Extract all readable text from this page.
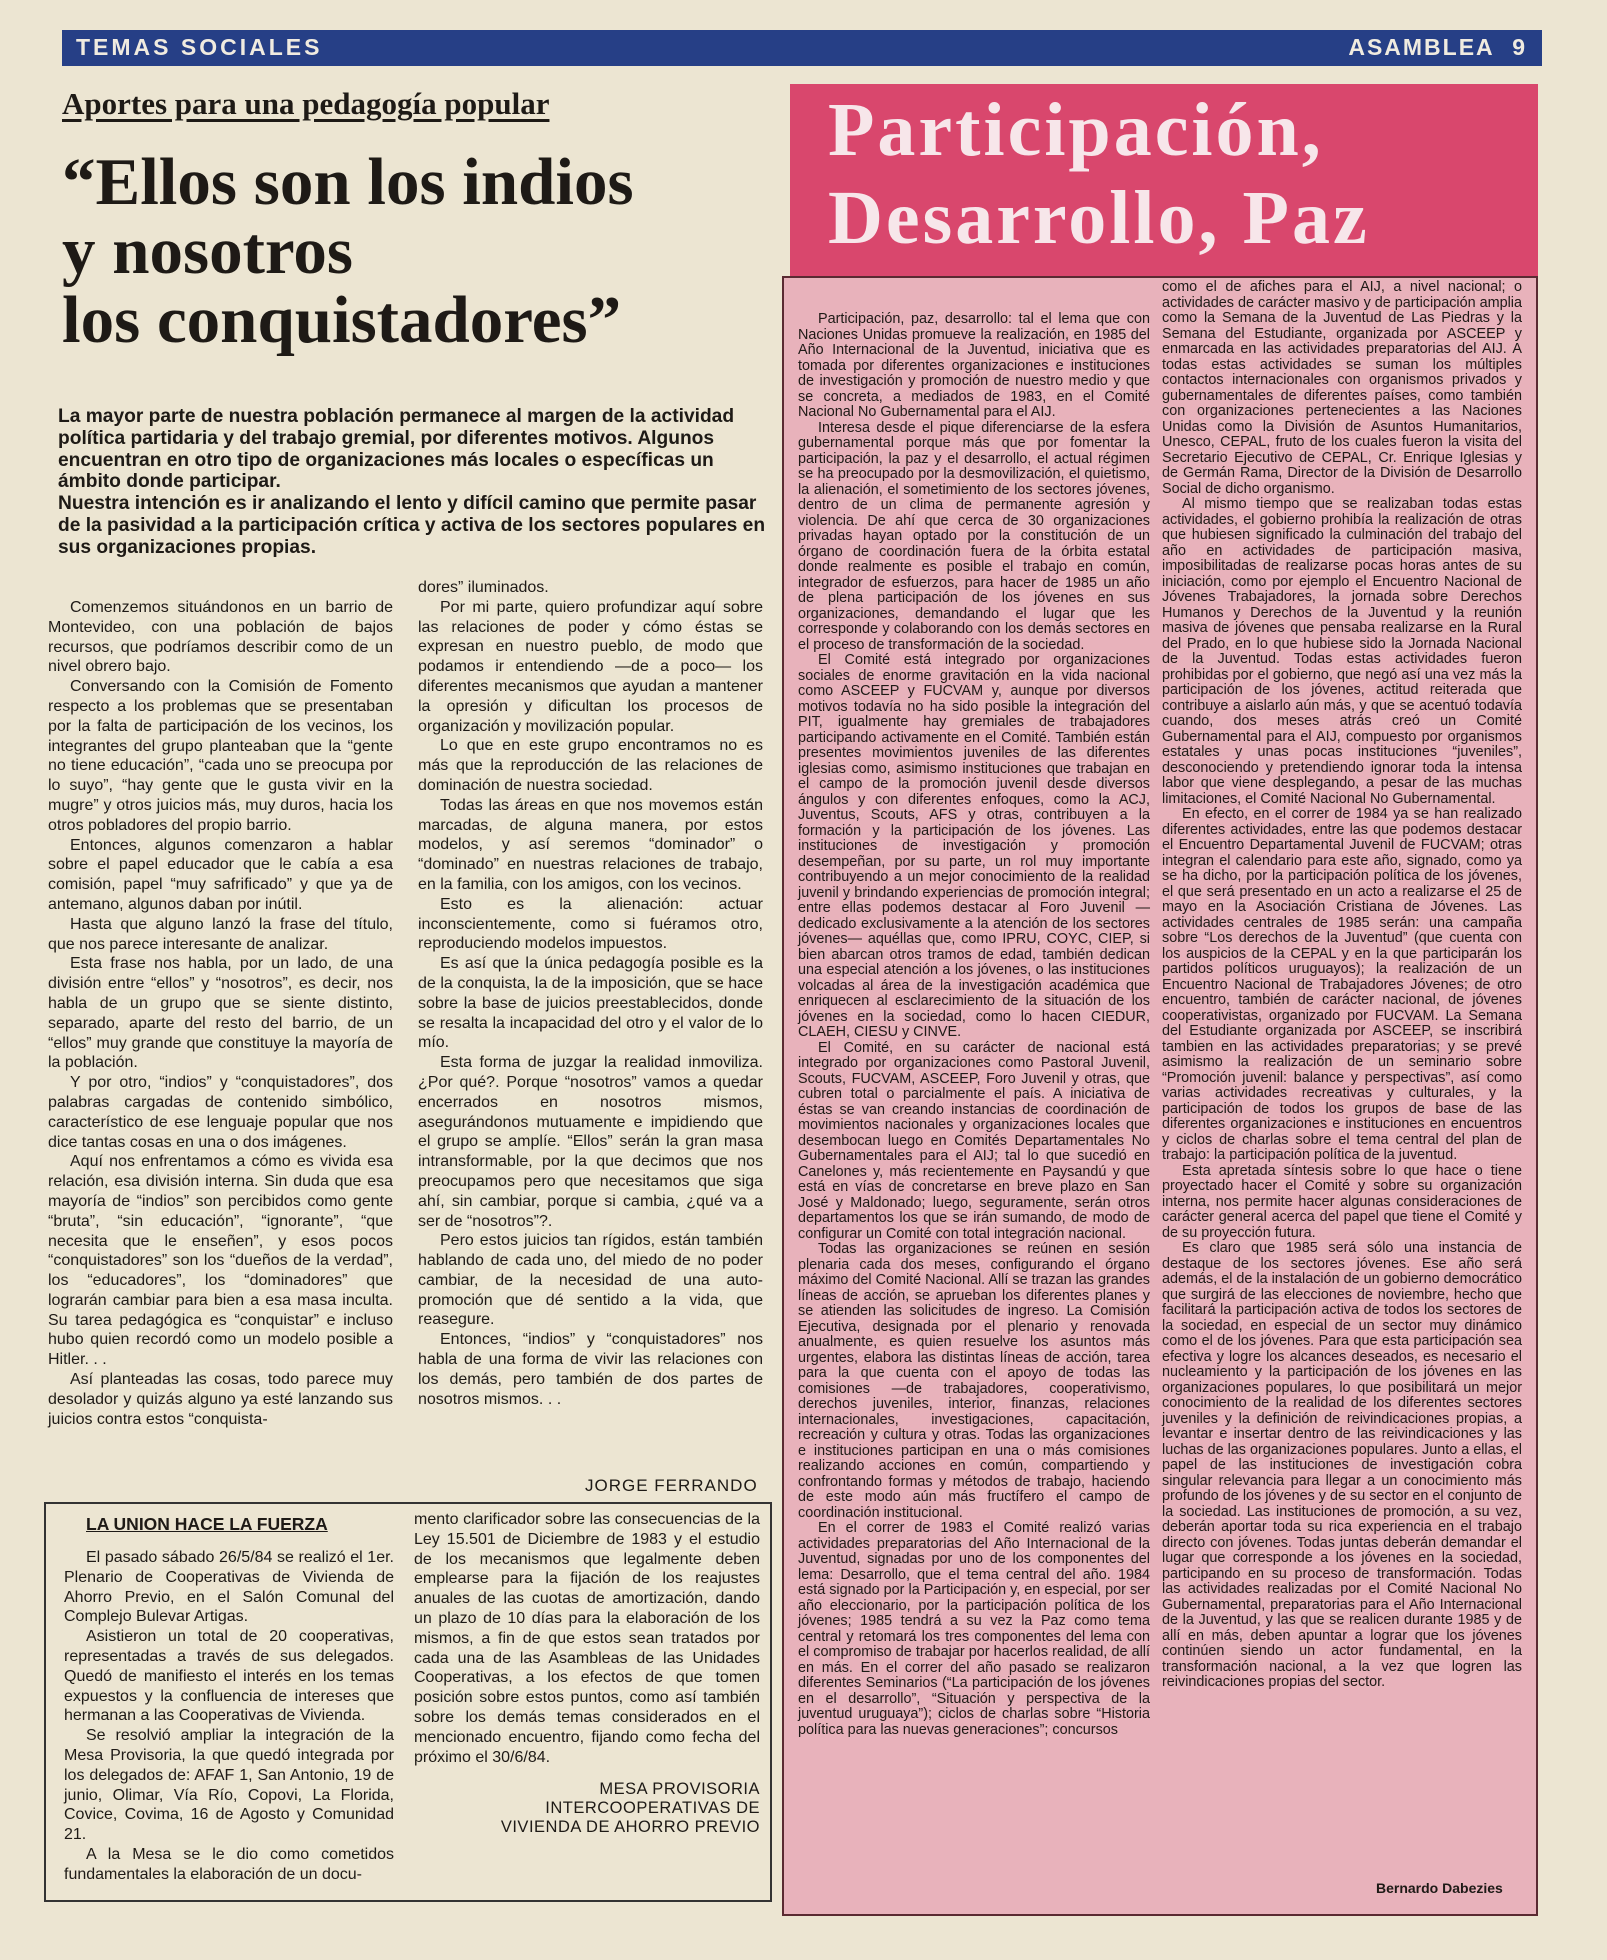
TEMAS SOCIALES	ASAMBLEA 9
Aportes para una pedagogía popular
“Ellos son los indios
y nosotros
los conquistadores”

La mayor parte de nuestra población permanece al margen de la actividad política partidaria y del trabajo gremial, por diferentes motivos. Algunos encuentran en otro tipo de organizaciones más locales o específicas un ámbito donde participar.

Nuestra intención es ir analizando el lento y difícil camino que permite pasar de la pasividad a la participación crítica y activa de los sectores populares en sus organizaciones propias.

Comenzemos situándonos en un barrio de Montevideo, con una población de bajos recursos, que podríamos describir como de un nivel obrero bajo.

Conversando con la Comisión de Fomento respecto a los problemas que se presentaban por la falta de participación de los vecinos, los integrantes del grupo planteaban que la “gente no tiene educación”, “cada uno se preocupa por lo suyo”, “hay gente que le gusta vivir en la mugre” y otros juicios más, muy duros, hacia los otros pobladores del propio barrio.

Entonces, algunos comenzaron a hablar sobre el papel educador que le cabía a esa comisión, papel “muy safrificado” y que ya de antemano, algunos daban por inútil.

Hasta que alguno lanzó la frase del título, que nos parece interesante de analizar.

Esta frase nos habla, por un lado, de una división entre “ellos” y “nosotros”, es decir, nos habla de un grupo que se siente distinto, separado, aparte del resto del barrio, de un “ellos” muy grande que constituye la mayoría de la población.

Y por otro, “indios” y “conquistadores”, dos palabras cargadas de contenido simbólico, característico de ese lenguaje popular que nos dice tantas cosas en una o dos imágenes.

Aquí nos enfrentamos a cómo es vivida esa relación, esa división interna. Sin duda que esa mayoría de “indios” son percibidos como gente “bruta”, “sin educación”, “ignorante”, “que necesita que le enseñen”, y esos pocos “conquistadores” son los “dueños de la verdad”, los “educadores”, los “dominadores” que lograrán cambiar para bien a esa masa inculta. Su tarea pedagógica es “conquistar” e incluso hubo quien recordó como un modelo posible a Hitler. . .

Así planteadas las cosas, todo parece muy desolador y quizás alguno ya esté lanzando sus juicios contra estos “conquista-

dores” iluminados.

Por mi parte, quiero profundizar aquí sobre las relaciones de poder y cómo éstas se expresan en nuestro pueblo, de modo que podamos ir entendiendo —de a poco— los diferentes mecanismos que ayudan a mantener la opresión y dificultan los procesos de organización y movilización popular.

Lo que en este grupo encontramos no es más que la reproducción de las relaciones de dominación de nuestra sociedad.

Todas las áreas en que nos movemos están marcadas, de alguna manera, por estos modelos, y así seremos “dominador” o “dominado” en nuestras relaciones de trabajo, en la familia, con los amigos, con los vecinos.

Esto es la alienación: actuar inconscientemente, como si fuéramos otro, reproduciendo modelos impuestos.

Es así que la única pedagogía posible es la de la conquista, la de la imposición, que se hace sobre la base de juicios preestablecidos, donde se resalta la incapacidad del otro y el valor de lo mío.

Esta forma de juzgar la realidad inmoviliza. ¿Por qué?. Porque “nosotros” vamos a quedar encerrados en nosotros mismos, asegurándonos mutuamente e impidiendo que el grupo se amplíe. “Ellos” serán la gran masa intransformable, por la que decimos que nos preocupamos pero que necesitamos que siga ahí, sin cambiar, porque si cambia, ¿qué va a ser de “nosotros”?.

Pero estos juicios tan rígidos, están también hablando de cada uno, del miedo de no poder cambiar, de la necesidad de una auto-promoción que dé sentido a la vida, que reasegure.

Entonces, “indios” y “conquistadores” nos habla de una forma de vivir las relaciones con los demás, pero también de dos partes de nosotros mismos. . .

JORGE FERRANDO
LA UNION HACE LA FUERZA

El pasado sábado 26/5/84 se realizó el 1er. Plenario de Cooperativas de Vivienda de Ahorro Previo, en el Salón Comunal del Complejo Bulevar Artigas.

Asistieron un total de 20 cooperativas, representadas a través de sus delegados. Quedó de manifiesto el interés en los temas expuestos y la confluencia de intereses que hermanan a las Cooperativas de Vivienda.

Se resolvió ampliar la integración de la Mesa Provisoria, la que quedó integrada por los delegados de: AFAF 1, San Antonio, 19 de junio, Olimar, Vía Río, Copovi, La Florida, Covice, Covima, 16 de Agosto y Comunidad 21.

A la Mesa se le dio como cometidos fundamentales la elaboración de un docu-

mento clarificador sobre las consecuencias de la Ley 15.501 de Diciembre de 1983 y el estudio de los mecanismos que legalmente deben emplearse para la fijación de los reajustes anuales de las cuotas de amortización, dando un plazo de 10 días para la elaboración de los mismos, a fin de que estos sean tratados por cada una de las Asambleas de las Unidades Cooperativas, a los efectos de que tomen posición sobre estos puntos, como así también sobre los demás temas considerados en el mencionado encuentro, fijando como fecha del próximo el 30/6/84.

MESA PROVISORIA
INTERCOOPERATIVAS DE
VIVIENDA DE AHORRO PREVIO
Participación,
Desarrollo, Paz

Participación, paz, desarrollo: tal el lema que con Naciones Unidas promueve la realización, en 1985 del Año Internacional de la Juventud, iniciativa que es tomada por diferentes organizaciones e instituciones de investigación y promoción de nuestro medio y que se concreta, a mediados de 1983, en el Comité Nacional No Gubernamental para el AIJ.

Interesa desde el pique diferenciarse de la esfera gubernamental porque más que por fomentar la participación, la paz y el desarrollo, el actual régimen se ha preocupado por la desmovilización, el quietismo, la alienación, el sometimiento de los sectores jóvenes, dentro de un clima de permanente agresión y violencia. De ahí que cerca de 30 organizaciones privadas hayan optado por la constitución de un órgano de coordinación fuera de la órbita estatal donde realmente es posible el trabajo en común, integrador de esfuerzos, para hacer de 1985 un año de plena participación de los jóvenes en sus organizaciones, demandando el lugar que les corresponde y colaborando con los demás sectores en el proceso de transformación de la sociedad.

El Comité está integrado por organizaciones sociales de enorme gravitación en la vida nacional como ASCEEP y FUCVAM y, aunque por diversos motivos todavía no ha sido posible la integración del PIT, igualmente hay gremiales de trabajadores participando activamente en el Comité. También están presentes movimientos juveniles de las diferentes iglesias como, asimismo instituciones que trabajan en el campo de la promoción juvenil desde diversos ángulos y con diferentes enfoques, como la ACJ, Juventus, Scouts, AFS y otras, contribuyen a la formación y la participación de los jóvenes. Las instituciones de investigación y promoción desempeñan, por su parte, un rol muy importante contribuyendo a un mejor conocimiento de la realidad juvenil y brindando experiencias de promoción integral; entre ellas podemos destacar al Foro Juvenil —dedicado exclusivamente a la atención de los sectores jóvenes— aquéllas que, como IPRU, COYC, CIEP, si bien abarcan otros tramos de edad, también dedican una especial atención a los jóvenes, o las instituciones volcadas al área de la investigación académica que enriquecen al esclarecimiento de la situación de los jóvenes en la sociedad, como lo hacen CIEDUR, CLAEH, CIESU y CINVE.

El Comité, en su carácter de nacional está integrado por organizaciones como Pastoral Juvenil, Scouts, FUCVAM, ASCEEP, Foro Juvenil y otras, que cubren total o parcialmente el país. A iniciativa de éstas se van creando instancias de coordinación de movimientos nacionales y organizaciones locales que desembocan luego en Comités Departamentales No Gubernamentales para el AIJ; tal lo que sucedió en Canelones y, más recientemente en Paysandú y que está en vías de concretarse en breve plazo en San José y Maldonado; luego, seguramente, serán otros departamentos los que se irán sumando, de modo de configurar un Comité con total integración nacional.

Todas las organizaciones se reúnen en sesión plenaria cada dos meses, configurando el órgano máximo del Comité Nacional. Allí se trazan las grandes líneas de acción, se aprueban los diferentes planes y se atienden las solicitudes de ingreso. La Comisión Ejecutiva, designada por el plenario y renovada anualmente, es quien resuelve los asuntos más urgentes, elabora las distintas líneas de acción, tarea para la que cuenta con el apoyo de todas las comisiones —de trabajadores, cooperativismo, derechos juveniles, interior, finanzas, relaciones internacionales, investigaciones, capacitación, recreación y cultura y otras. Todas las organizaciones e instituciones participan en una o más comisiones realizando acciones en común, compartiendo y confrontando formas y métodos de trabajo, haciendo de este modo aún más fructífero el campo de coordinación institucional.

En el correr de 1983 el Comité realizó varias actividades preparatorias del Año Internacional de la Juventud, signadas por uno de los componentes del lema: Desarrollo, que el tema central del año. 1984 está signado por la Participación y, en especial, por ser año eleccionario, por la participación política de los jóvenes; 1985 tendrá a su vez la Paz como tema central y retomará los tres componentes del lema con el compromiso de trabajar por hacerlos realidad, de allí en más. En el correr del año pasado se realizaron diferentes Seminarios (“La participación de los jóvenes en el desarrollo”, “Situación y perspectiva de la juventud uruguaya”); ciclos de charlas sobre “Historia política para las nuevas generaciones”; concursos

como el de afiches para el AIJ, a nivel nacional; o actividades de carácter masivo y de participación amplia como la Semana de la Juventud de Las Piedras y la Semana del Estudiante, organizada por ASCEEP y enmarcada en las actividades preparatorias del AIJ. A todas estas actividades se suman los múltiples contactos internacionales con organismos privados y gubernamentales de diferentes países, como también con organizaciones pertenecientes a las Naciones Unidas como la División de Asuntos Humanitarios, Unesco, CEPAL, fruto de los cuales fueron la visita del Secretario Ejecutivo de CEPAL, Cr. Enrique Iglesias y de Germán Rama, Director de la División de Desarrollo Social de dicho organismo.

Al mismo tiempo que se realizaban todas estas actividades, el gobierno prohibía la realización de otras que hubiesen significado la culminación del trabajo del año en actividades de participación masiva, imposibilitadas de realizarse pocas horas antes de su iniciación, como por ejemplo el Encuentro Nacional de Jóvenes Trabajadores, la jornada sobre Derechos Humanos y Derechos de la Juventud y la reunión masiva de jóvenes que pensaba realizarse en la Rural del Prado, en lo que hubiese sido la Jornada Nacional de la Juventud. Todas estas actividades fueron prohibidas por el gobierno, que negó así una vez más la participación de los jóvenes, actitud reiterada que contribuye a aislarlo aún más, y que se acentuó todavía cuando, dos meses atrás creó un Comité Gubernamental para el AIJ, compuesto por organismos estatales y unas pocas instituciones “juveniles”, desconociendo y pretendiendo ignorar toda la intensa labor que viene desplegando, a pesar de las muchas limitaciones, el Comité Nacional No Gubernamental.

En efecto, en el correr de 1984 ya se han realizado diferentes actividades, entre las que podemos destacar el Encuentro Departamental Juvenil de FUCVAM; otras integran el calendario para este año, signado, como ya se ha dicho, por la participación política de los jóvenes, el que será presentado en un acto a realizarse el 25 de mayo en la Asociación Cristiana de Jóvenes. Las actividades centrales de 1985 serán: una campaña sobre “Los derechos de la Juventud” (que cuenta con los auspicios de la CEPAL y en la que participarán los partidos políticos uruguayos); la realización de un Encuentro Nacional de Trabajadores Jóvenes; de otro encuentro, también de carácter nacional, de jóvenes cooperativistas, organizado por FUCVAM. La Semana del Estudiante organizada por ASCEEP, se inscribirá tambien en las actividades preparatorias; y se prevé asimismo la realización de un seminario sobre “Promoción juvenil: balance y perspectivas”, así como varias actividades recreativas y culturales, y la participación de todos los grupos de base de las diferentes organizaciones e instituciones en encuentros y ciclos de charlas sobre el tema central del plan de trabajo: la participación política de la juventud.

Esta apretada síntesis sobre lo que hace o tiene proyectado hacer el Comité y sobre su organización interna, nos permite hacer algunas consideraciones de carácter general acerca del papel que tiene el Comité y de su proyección futura.

Es claro que 1985 será sólo una instancia de destaque de los sectores jóvenes. Ese año será además, el de la instalación de un gobierno democrático que surgirá de las elecciones de noviembre, hecho que facilitará la participación activa de todos los sectores de la sociedad, en especial de un sector muy dinámico como el de los jóvenes. Para que esta participación sea efectiva y logre los alcances deseados, es necesario el nucleamiento y la participación de los jóvenes en las organizaciones populares, lo que posibilitará un mejor conocimiento de la realidad de los diferentes sectores juveniles y la definición de reivindicaciones propias, a levantar e insertar dentro de las reivindicaciones y las luchas de las organizaciones populares. Junto a ellas, el papel de las instituciones de investigación cobra singular relevancia para llegar a un conocimiento más profundo de los jóvenes y de su sector en el conjunto de la sociedad. Las instituciones de promoción, a su vez, deberán aportar toda su rica experiencia en el trabajo directo con jóvenes. Todas juntas deberán demandar el lugar que corresponde a los jóvenes en la sociedad, participando en su proceso de transformación. Todas las actividades realizadas por el Comité Nacional No Gubernamental, preparatorias para el Año Internacional de la Juventud, y las que se realicen durante 1985 y de allí en más, deben apuntar a lograr que los jóvenes continúen siendo un actor fundamental, en la transformación nacional, a la vez que logren las reivindicaciones propias del sector.

Bernardo Dabezies
